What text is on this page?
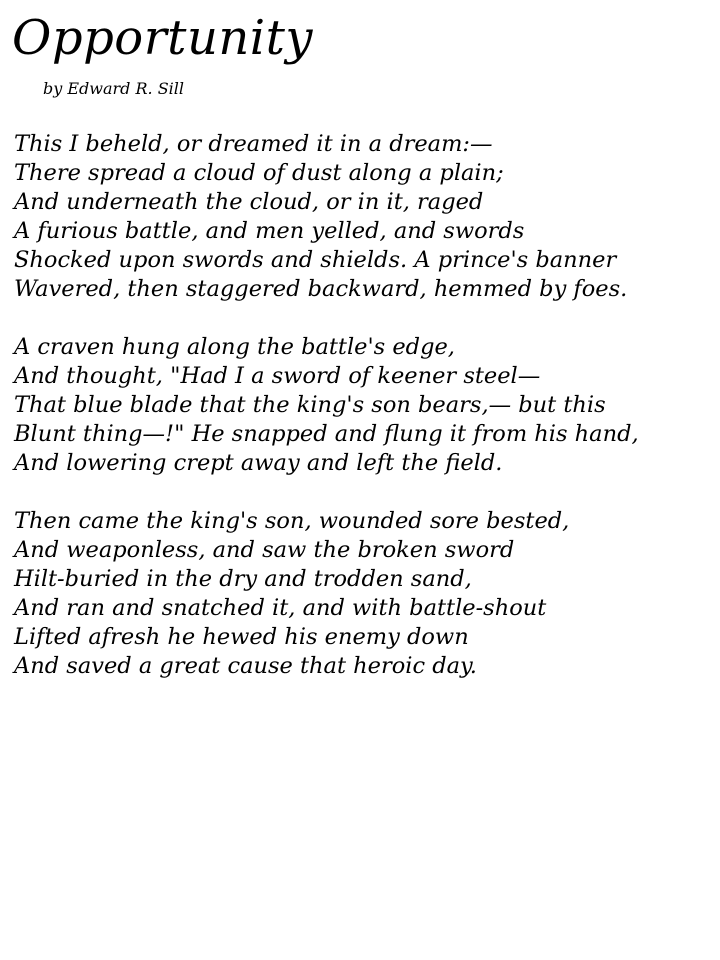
Opportunity

by Edward R. Sill

This I beheld, or dreamed it in a dream:—
There spread a cloud of dust along a plain;
And underneath the cloud, or in it, raged
A furious battle, and men yelled, and swords
Shocked upon swords and shields. A prince's banner
Wavered, then staggered backward, hemmed by foes.
A craven hung along the battle's edge,
And thought, "Had I a sword of keener steel—
That blue blade that the king's son bears,— but this
Blunt thing—!" He snapped and flung it from his hand,
And lowering crept away and left the field.
Then came the king's son, wounded sore bested,
And weaponless, and saw the broken sword
Hilt-buried in the dry and trodden sand,
And ran and snatched it, and with battle-shout
Lifted afresh he hewed his enemy down
And saved a great cause that heroic day.
